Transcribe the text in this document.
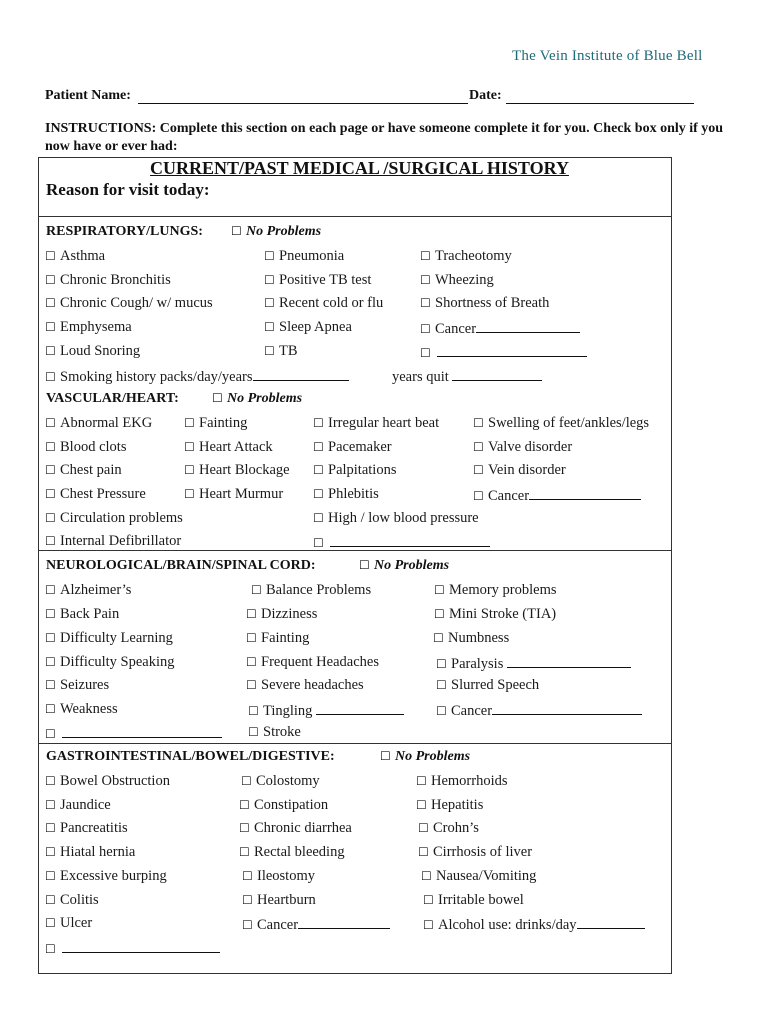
The Vein Institute of Blue Bell
Patient Name:	Date:
INSTRUCTIONS: Complete this section on each page or have someone complete it for you. Check box only if you now have or ever had:
CURRENT/PAST MEDICAL /SURGICAL HISTORY
Reason for visit today:
RESPIRATORY/LUNGS: ☐ No Problems
☐ Asthma	☐ Pneumonia	☐ Tracheotomy
☐ Chronic Bronchitis	☐ Positive TB test	☐ Wheezing
☐ Chronic Cough/ w/ mucus	☐ Recent cold or flu	☐ Shortness of Breath
☐ Emphysema	☐ Sleep Apnea	☐ Cancer
☐ Loud Snoring	☐ TB	☐
☐ Smoking history packs/day/years	years quit
VASCULAR/HEART:	☐ No Problems
☐ Abnormal EKG	☐ Fainting	☐ Irregular heart beat	☐ Swelling of feet/ankles/legs
☐ Blood clots	☐ Heart Attack	☐ Pacemaker	☐ Valve disorder
☐ Chest pain	☐ Heart Blockage ☐ Palpitations	☐ Vein disorder
☐ Chest Pressure	☐ Heart Murmur ☐ Phlebitis	☐ Cancer
☐ Circulation problems	☐ High / low blood pressure
☐ Internal Defibrillator	☐
NEUROLOGICAL/BRAIN/SPINAL CORD:	☐ No Problems
☐ Alzheimer’s	☐ Balance Problems	☐ Memory problems
☐ Back Pain	☐ Dizziness	☐ Mini Stroke (TIA)
☐ Difficulty Learning	☐ Fainting	☐ Numbness
☐ Difficulty Speaking	☐ Frequent Headaches	☐ Paralysis
☐ Seizures	☐ Severe headaches	☐ Slurred Speech
☐ Weakness	☐ Tingling	☐ Cancer
☐	☐ Stroke
GASTROINTESTINAL/BOWEL/DIGESTIVE:	☐ No Problems
☐ Bowel Obstruction	☐ Colostomy	☐ Hemorrhoids
☐ Jaundice	☐ Constipation	☐ Hepatitis
☐ Pancreatitis	☐ Chronic diarrhea	☐ Crohn’s
☐ Hiatal hernia	☐ Rectal bleeding	☐ Cirrhosis of liver
☐ Excessive burping	☐ Ileostomy	☐ Nausea/Vomiting
☐ Colitis	☐ Heartburn	☐ Irritable bowel
☐ Ulcer	☐ Cancer	☐ Alcohol use: drinks/day
☐
